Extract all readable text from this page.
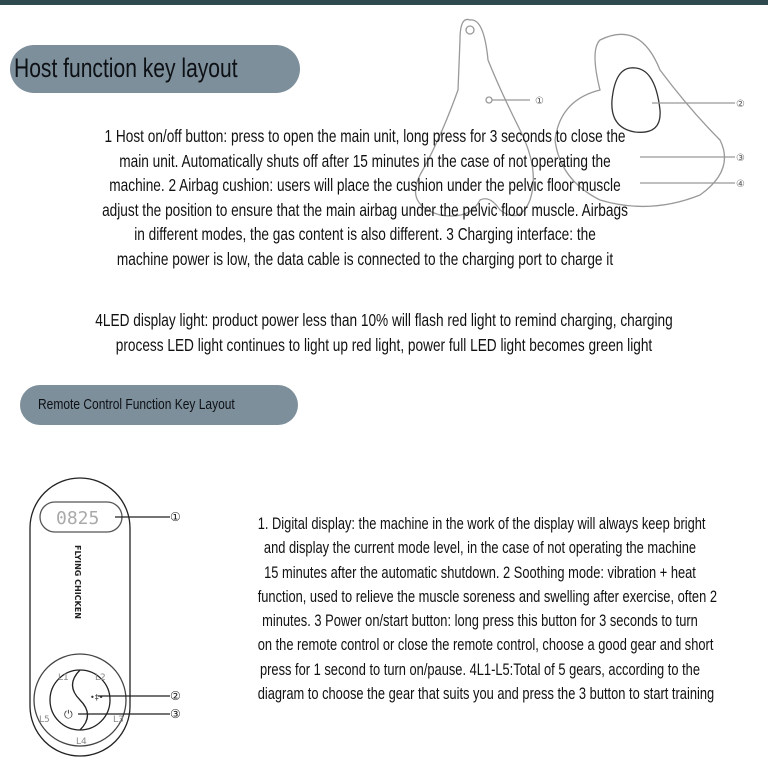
①	②
③
④
Host function key layout
1 Host on/off button: press to open the main unit, long press for 3 seconds to close the
main unit. Automatically shuts off after 15 minutes in the case of not operating the
machine. 2 Airbag cushion: users will place the cushion under the pelvic floor muscle
adjust the position to ensure that the main airbag under the pelvic floor muscle. Airbags
in different modes, the gas content is also different. 3 Charging interface: the
machine power is low, the data cable is connected to the charging port to charge it
4LED display light: product power less than 10% will flash red light to remind charging, charging
process LED light continues to light up red light, power full LED light becomes green light
Remote Control Function Key Layout
0825
FLYING CHICKEN
L1	L2
L3
L4
L5
•‡•
⏻
①
②
③
1. Digital display: the machine in the work of the display will always keep bright
and display the current mode level, in the case of not operating the machine
15 minutes after the automatic shutdown. 2 Soothing mode: vibration + heat
function, used to relieve the muscle soreness and swelling after exercise, often 2
minutes. 3 Power on/start button: long press this button for 3 seconds to turn
on the remote control or close the remote control, choose a good gear and short
press for 1 second to turn on/pause. 4L1-L5:Total of 5 gears, according to the
diagram to choose the gear that suits you and press the 3 button to start training
